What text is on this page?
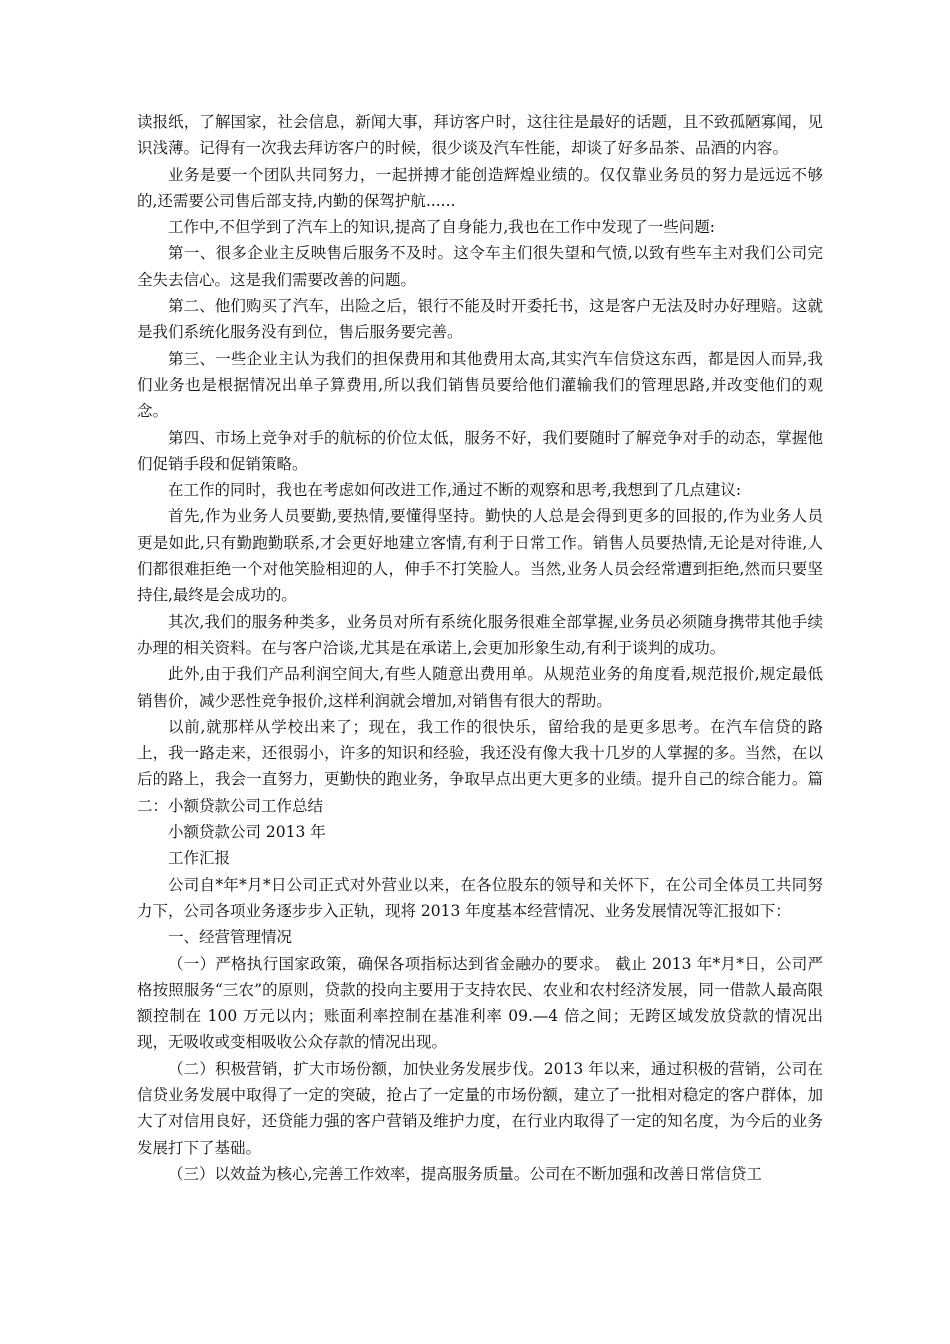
读报纸，了解国家，社会信息，新闻大事，拜访客户时，这往往是最好的话题，且不致孤陋寡闻，见识浅薄。记得有一次我去拜访客户的时候，很少谈及汽车性能，却谈了好多品茶、品酒的内容。

业务是要一个团队共同努力，一起拼搏才能创造辉煌业绩的。仅仅靠业务员的努力是远远不够的,还需要公司售后部支持,内勤的保驾护航......

工作中,不但学到了汽车上的知识,提高了自身能力,我也在工作中发现了一些问题:

第一、很多企业主反映售后服务不及时。这令车主们很失望和气愤,以致有些车主对我们公司完全失去信心。这是我们需要改善的问题。

第二、他们购买了汽车，出险之后，银行不能及时开委托书，这是客户无法及时办好理赔。这就是我们系统化服务没有到位，售后服务要完善。

第三、一些企业主认为我们的担保费用和其他费用太高,其实汽车信贷这东西，都是因人而异,我们业务也是根据情况出单子算费用,所以我们销售员要给他们灌输我们的管理思路,并改变他们的观念。

第四、市场上竞争对手的航标的价位太低，服务不好，我们要随时了解竞争对手的动态，掌握他们促销手段和促销策略。

在工作的同时，我也在考虑如何改进工作,通过不断的观察和思考,我想到了几点建议:

首先,作为业务人员要勤,要热情,要懂得坚持。勤快的人总是会得到更多的回报的,作为业务人员更是如此,只有勤跑勤联系,才会更好地建立客情,有利于日常工作。销售人员要热情,无论是对待谁,人们都很难拒绝一个对他笑脸相迎的人，伸手不打笑脸人。当然,业务人员会经常遭到拒绝,然而只要坚持住,最终是会成功的。

其次,我们的服务种类多，业务员对所有系统化服务很难全部掌握,业务员必须随身携带其他手续办理的相关资料。在与客户洽谈,尤其是在承诺上,会更加形象生动,有利于谈判的成功。

此外,由于我们产品利润空间大,有些人随意出费用单。从规范业务的角度看,规范报价,规定最低销售价，减少恶性竞争报价,这样利润就会增加,对销售有很大的帮助。

以前,就那样从学校出来了；现在，我工作的很快乐，留给我的是更多思考。在汽车信贷的路上，我一路走来，还很弱小，许多的知识和经验，我还没有像大我十几岁的人掌握的多。当然，在以后的路上，我会一直努力，更勤快的跑业务，争取早点出更大更多的业绩。提升自己的综合能力。篇二：小额贷款公司工作总结

小额贷款公司 2013 年

工作汇报

公司自*年*月*日公司正式对外营业以来，在各位股东的领导和关怀下，在公司全体员工共同努力下，公司各项业务逐步步入正轨，现将 2013 年度基本经营情况、业务发展情况等汇报如下：

一、经营管理情况

（一）严格执行国家政策，确保各项指标达到省金融办的要求。 截止 2013 年*月*日，公司严格按照服务“三农”的原则，贷款的投向主要用于支持农民、农业和农村经济发展，同一借款人最高限额控制在 100 万元以内；账面利率控制在基准利率 09.—4 倍之间；无跨区域发放贷款的情况出现，无吸收或变相吸收公众存款的情况出现。

（二）积极营销，扩大市场份额，加快业务发展步伐。2013 年以来，通过积极的营销，公司在信贷业务发展中取得了一定的突破，抢占了一定量的市场份额，建立了一批相对稳定的客户群体，加大了对信用良好，还贷能力强的客户营销及维护力度，在行业内取得了一定的知名度，为今后的业务发展打下了基础。

（三）以效益为核心,完善工作效率，提高服务质量。公司在不断加强和改善日常信贷工
